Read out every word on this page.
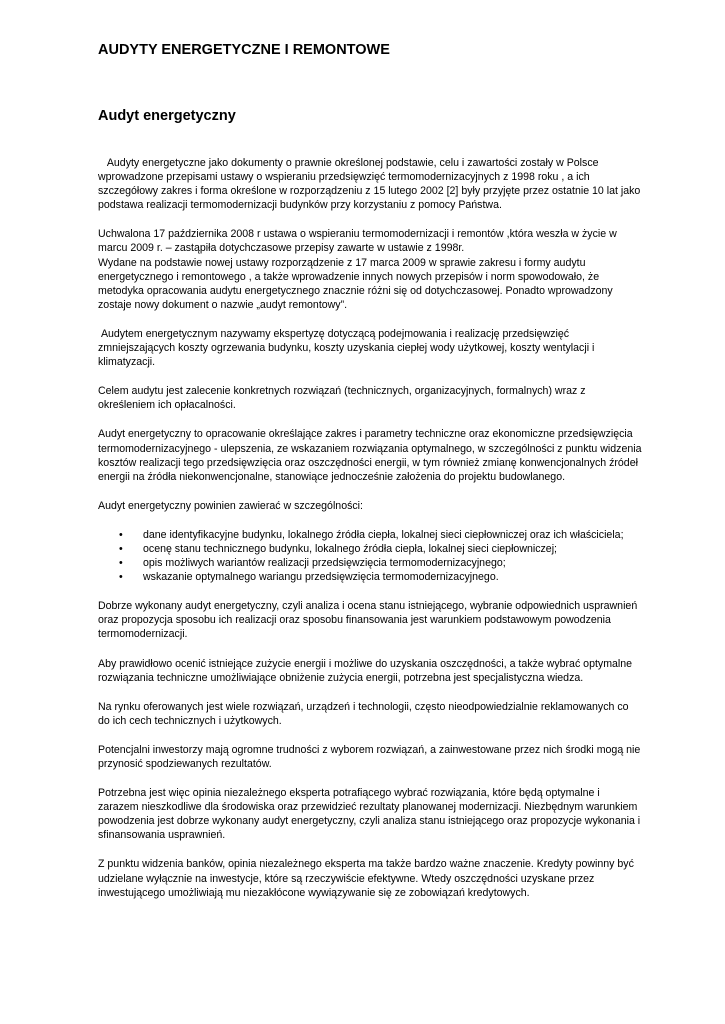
AUDYTY ENERGETYCZNE I REMONTOWE
Audyt energetyczny

Audyty energetyczne jako dokumenty o prawnie określonej podstawie, celu i zawartości zostały w Polsce wprowadzone przepisami ustawy o wspieraniu przedsięwzięć termomodernizacyjnych z 1998 roku , a ich szczegółowy zakres i forma określone w rozporządzeniu z 15 lutego 2002 [2] były przyjęte przez ostatnie 10 lat jako podstawa realizacji termomodernizacji budynków przy korzystaniu z pomocy Państwa.

Uchwalona 17 października 2008 r ustawa o wspieraniu termomodernizacji i remontów ,która weszła w życie w marcu 2009 r. – zastąpiła dotychczasowe przepisy zawarte w ustawie z 1998r.

Wydane na podstawie nowej ustawy rozporządzenie z 17 marca 2009 w sprawie zakresu i formy audytu energetycznego i remontowego , a także wprowadzenie innych nowych przepisów i norm spowodowało, że metodyka opracowania audytu energetycznego znacznie różni się od dotychczasowej. Ponadto wprowadzony zostaje nowy dokument o nazwie „audyt remontowy”.

Audytem energetycznym nazywamy ekspertyzę dotyczącą podejmowania i realizację przedsięwzięć zmniejszających koszty ogrzewania budynku, koszty uzyskania ciepłej wody użytkowej, koszty wentylacji i klimatyzacji.

Celem audytu jest zalecenie konkretnych rozwiązań (technicznych, organizacyjnych, formalnych) wraz z określeniem ich opłacalności.

Audyt energetyczny to opracowanie określające zakres i parametry techniczne oraz ekonomiczne przedsięwzięcia termomodernizacyjnego - ulepszenia, ze wskazaniem rozwiązania optymalnego, w szczególności z punktu widzenia kosztów realizacji tego przedsięwzięcia oraz oszczędności energii, w tym również zmianę konwencjonalnych źródeł energii na źródła niekonwencjonalne, stanowiące jednocześnie założenia do projektu budowlanego.

Audyt energetyczny powinien zawierać w szczególności:

• dane identyfikacyjne budynku, lokalnego źródła ciepła, lokalnej sieci ciepłowniczej oraz ich właściciela;
• ocenę stanu technicznego budynku, lokalnego źródła ciepła, lokalnej sieci ciepłowniczej;
• opis możliwych wariantów realizacji przedsięwzięcia termomodernizacyjnego;
• wskazanie optymalnego wariangu przedsięwzięcia termomodernizacyjnego.

Dobrze wykonany audyt energetyczny, czyli analiza i ocena stanu istniejącego, wybranie odpowiednich usprawnień oraz propozycja sposobu ich realizacji oraz sposobu finansowania jest warunkiem podstawowym powodzenia termomodernizacji.

Aby prawidłowo ocenić istniejące zużycie energii i możliwe do uzyskania oszczędności, a także wybrać optymalne rozwiązania techniczne umożliwiające obniżenie zużycia energii, potrzebna jest specjalistyczna wiedza.

Na rynku oferowanych jest wiele rozwiązań, urządzeń i technologii, często nieodpowiedzialnie reklamowanych co do ich cech technicznych i użytkowych.

Potencjalni inwestorzy mają ogromne trudności z wyborem rozwiązań, a zainwestowane przez nich środki mogą nie przynosić spodziewanych rezultatów.

Potrzebna jest więc opinia niezależnego eksperta potrafiącego wybrać rozwiązania, które będą optymalne i zarazem nieszkodliwe dla środowiska oraz przewidzieć rezultaty planowanej modernizacji. Niezbędnym warunkiem powodzenia jest dobrze wykonany audyt energetyczny, czyli analiza stanu istniejącego oraz propozycje wykonania i sfinansowania usprawnień.

Z punktu widzenia banków, opinia niezależnego eksperta ma także bardzo ważne znaczenie. Kredyty powinny być udzielane wyłącznie na inwestycje, które są rzeczywiście efektywne. Wtedy oszczędności uzyskane przez inwestującego umożliwiają mu niezakłócone wywiązywanie się ze zobowiązań kredytowych.
